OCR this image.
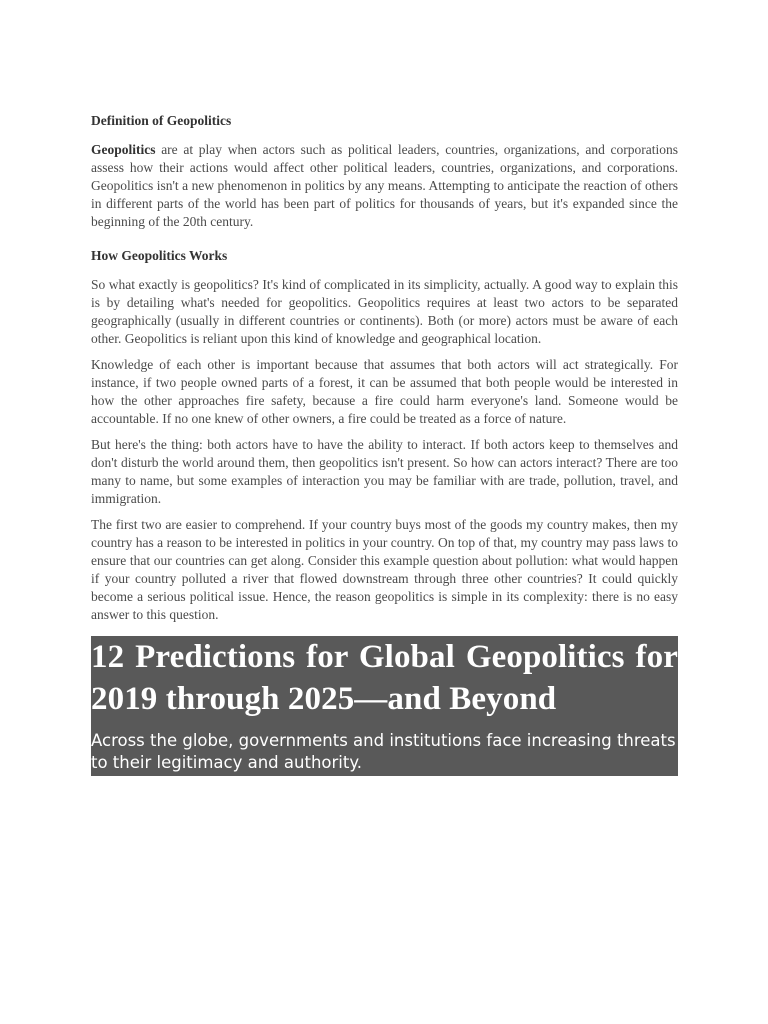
Definition of Geopolitics

Geopolitics are at play when actors such as political leaders, countries, organizations, and corporations assess how their actions would affect other political leaders, countries, organizations, and corporations. Geopolitics isn't a new phenomenon in politics by any means. Attempting to anticipate the reaction of others in different parts of the world has been part of politics for thousands of years, but it's expanded since the beginning of the 20th century.

How Geopolitics Works

So what exactly is geopolitics? It's kind of complicated in its simplicity, actually. A good way to explain this is by detailing what's needed for geopolitics. Geopolitics requires at least two actors to be separated geographically (usually in different countries or continents). Both (or more) actors must be aware of each other. Geopolitics is reliant upon this kind of knowledge and geographical location.

Knowledge of each other is important because that assumes that both actors will act strategically. For instance, if two people owned parts of a forest, it can be assumed that both people would be interested in how the other approaches fire safety, because a fire could harm everyone's land. Someone would be accountable. If no one knew of other owners, a fire could be treated as a force of nature.

But here's the thing: both actors have to have the ability to interact. If both actors keep to themselves and don't disturb the world around them, then geopolitics isn't present. So how can actors interact? There are too many to name, but some examples of interaction you may be familiar with are trade, pollution, travel, and immigration.

The first two are easier to comprehend. If your country buys most of the goods my country makes, then my country has a reason to be interested in politics in your country. On top of that, my country may pass laws to ensure that our countries can get along. Consider this example question about pollution: what would happen if your country polluted a river that flowed downstream through three other countries? It could quickly become a serious political issue. Hence, the reason geopolitics is simple in its complexity: there is no easy answer to this question.

12 Predictions for Global Geopolitics for 2019 through 2025—and Beyond

Across the globe, governments and institutions face increasing threats to their legitimacy and authority.
